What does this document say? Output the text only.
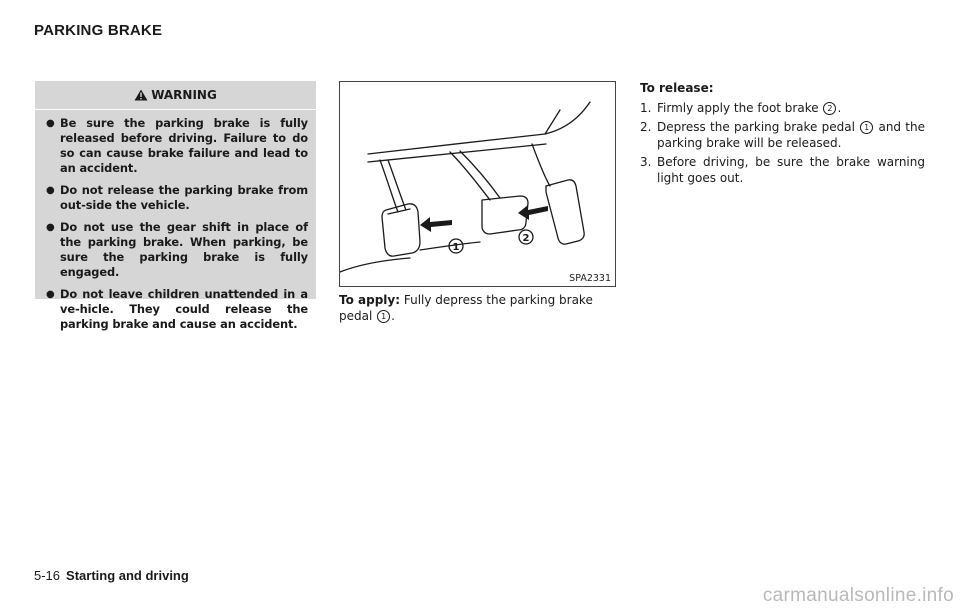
PARKING BRAKE
WARNING
● Be sure the parking brake is fully released before driving. Failure to do so can cause brake failure and lead to an accident.
● Do not release the parking brake from out-side the vehicle.
● Do not use the gear shift in place of the parking brake. When parking, be sure the parking brake is fully engaged.
● Do not leave children unattended in a ve-hicle. They could release the parking brake and cause an accident.
1
2
SPA2331
To apply: Fully depress the parking brake pedal 1 .
To release:
1. Firmly apply the foot brake 2 .
2. Depress the parking brake pedal 1 and the parking brake will be released.
3. Before driving, be sure the brake warning light goes out.
5-16 Starting and driving
carmanualsonline.info
